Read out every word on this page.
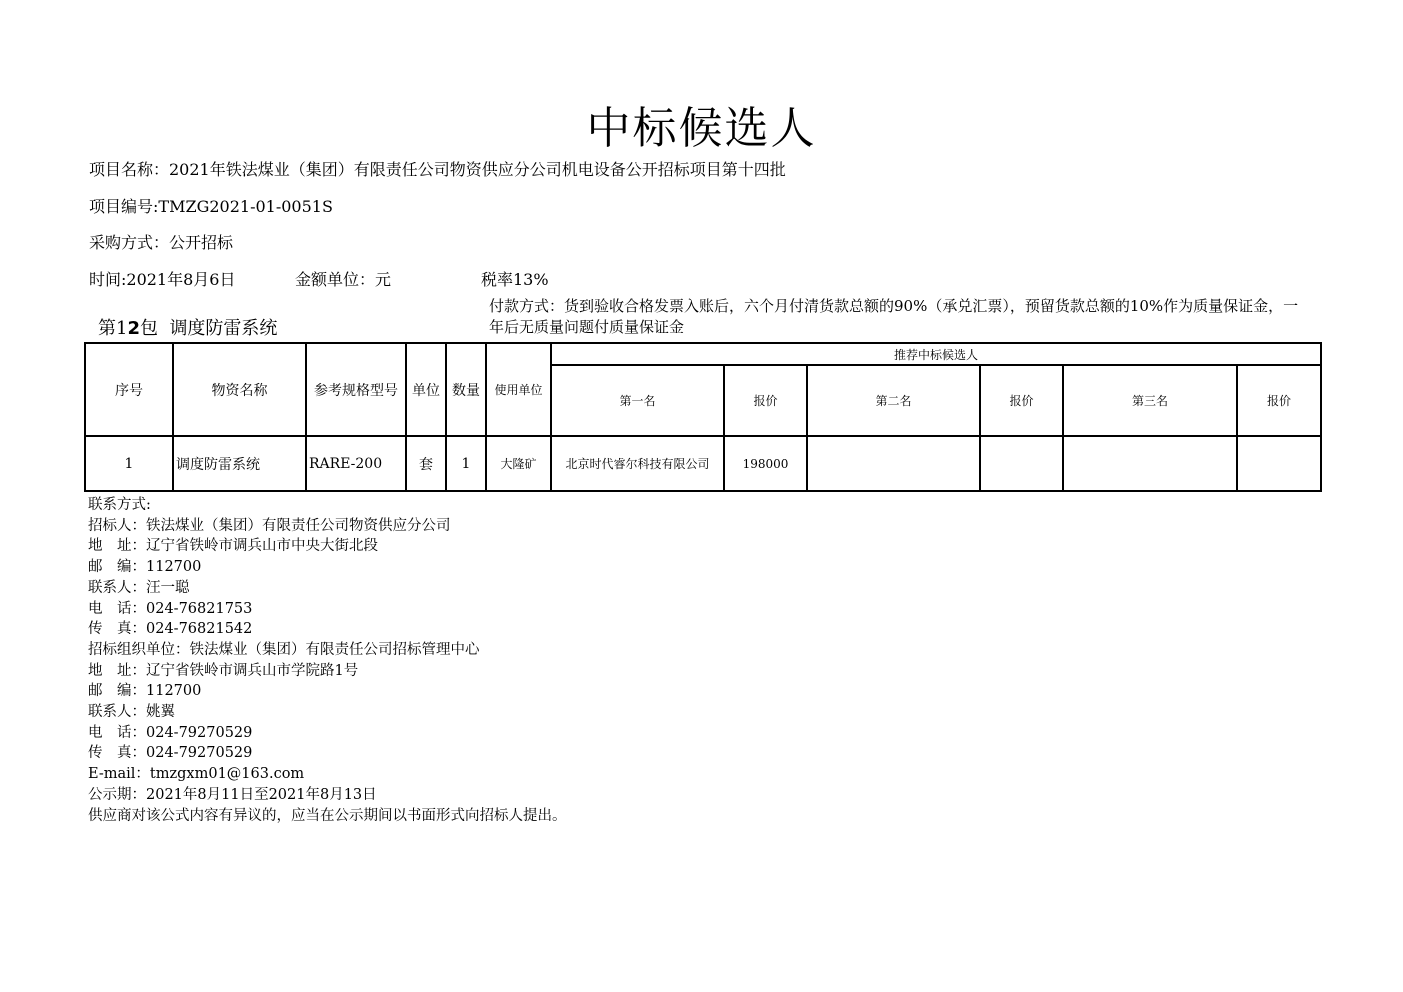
中标候选人
项目名称：2021年铁法煤业（集团）有限责任公司物资供应分公司机电设备公开招标项目第十四批
项目编号:TMZG2021-01-0051S
采购方式：公开招标
时间:2021年8月6日	金额单位：元	税率13%
第12包 调度防雷系统
付款方式：货到验收合格发票入账后，六个月付清货款总额的90%（承兑汇票），预留货款总额的10%作为质量保证金，一年后无质量问题付质量保证金
序号	物资名称	参考规格型号	单位	数量	使用单位	推荐中标候选人					
						第一名	报价	第二名	报价	第三名	报价
1	调度防雷系统	RARE-200	套	1	大隆矿	北京时代睿尔科技有限公司	198000				
联系方式:
招标人：铁法煤业（集团）有限责任公司物资供应分公司
地　址：辽宁省铁岭市调兵山市中央大街北段
邮　编：112700
联系人：汪一聪
电　话：024-76821753
传　真：024-76821542
招标组织单位：铁法煤业（集团）有限责任公司招标管理中心
地　址：辽宁省铁岭市调兵山市学院路1号
邮　编：112700
联系人：姚翼
电　话：024-79270529
传　真：024-79270529
E-mail：tmzgxm01@163.com
公示期：2021年8月11日至2021年8月13日
供应商对该公式内容有异议的，应当在公示期间以书面形式向招标人提出。
